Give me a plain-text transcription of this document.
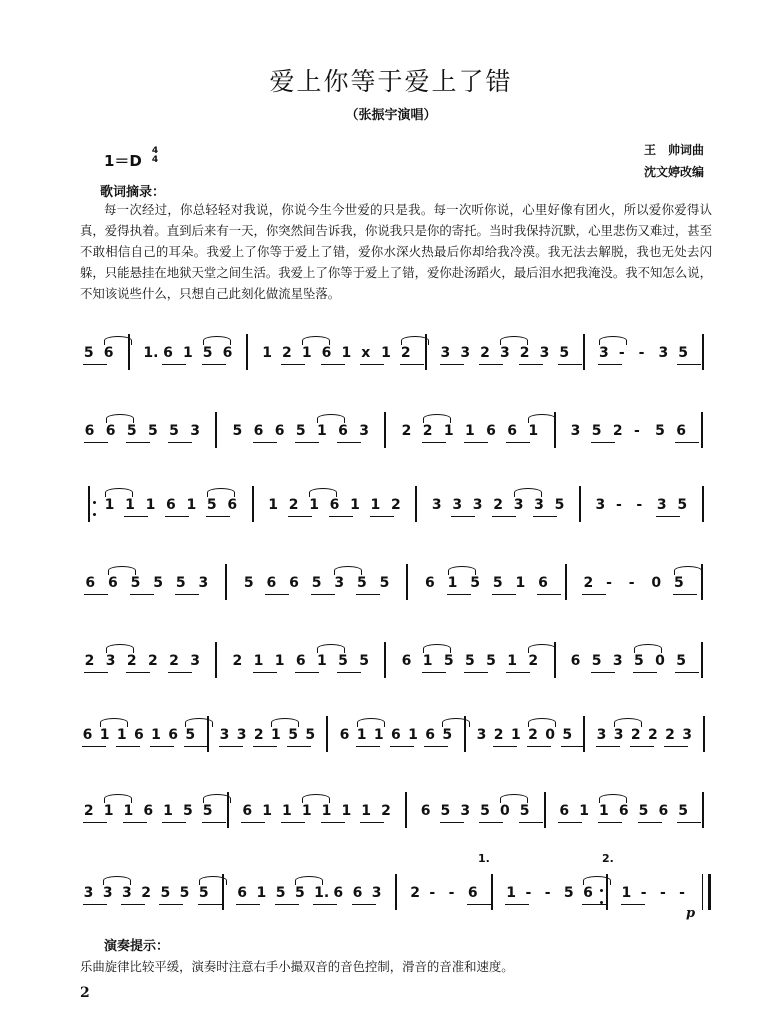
爱上你等于爱上了错
（张振宇演唱）
1＝D
4
4
王　帅词曲
沈文婷改编
歌词摘录：
每一次经过，你总轻轻对我说，你说今生今世爱的只是我。每一次听你说，心里好像有团火，所以爱你爱得认真，爱得执着。直到后来有一天，你突然间告诉我，你说我只是你的寄托。当时我保持沉默，心里悲伤又难过，甚至不敢相信自己的耳朵。我爱上了你等于爱上了错，爱你水深火热最后你却给我冷漠。我无法去解脱，我也无处去闪躲，只能悬挂在地狱天堂之间生活。我爱上了你等于爱上了错，爱你赴汤蹈火，最后泪水把我淹没。我不知怎么说，不知该说些什么，只想自己此刻化做流星坠落。
5 6 1. 6 1 5 6 1 2 1 6 1 x 1 2 3 3 2 3 2 3 5 3 - - 3 5
6 6 5 5 5 3 5 6 6 5 1 6 3 2 2 1 1 6 6 1 3 5 2 - 5 6
1 1 1 6 1 5 6 1 2 1 6 1 1 2 3 3 3 2 3 3 5 3 - - 3 5
6 6 5 5 5 3	5 6 6 5 3 5 5	6 1 5 5 1 6	2 - - 0 5
2 3 2 2 2 3 2 1 1 6 1 5 5 6 1 5 5 5 1 2 6 5 3 5 0 5
6 1 1 6 1 6 5 3 3 2 1 5 5 6 1 1 6 1 6 5 3 2 1 2 0 5 3 3 2 2 2 3
2 1 1 6 1 5 5 6 1 1 1 1 1 1 2 6 5 3 5 0 5 6 1 1 6 5 6 5
3 3 3 2 5 5 5 6 1 5 5 1. 6 6 3 2 - - 6 1 - - 5 6 1 - - -
1.	2.
p
演奏提示：
乐曲旋律比较平缓，演奏时注意右手小撮双音的音色控制，滑音的音准和速度。
2
